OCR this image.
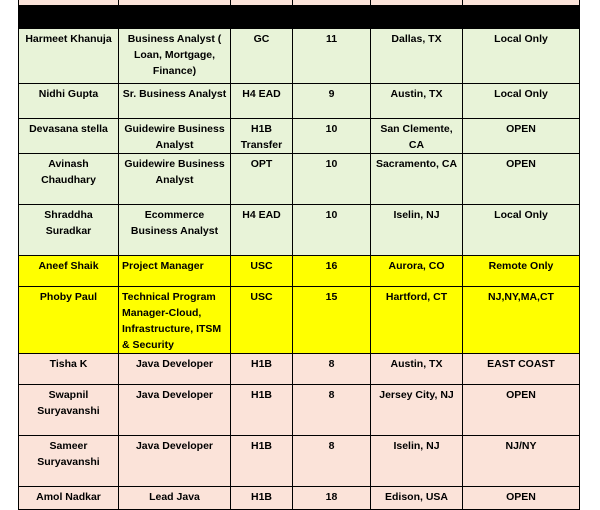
Harmeet Khanuja	Business Analyst ( Loan, Mortgage, Finance)	GC	11	Dallas, TX	Local Only
Nidhi Gupta	Sr. Business Analyst	H4 EAD	9	Austin, TX	Local Only
Devasana stella	Guidewire Business Analyst	H1B Transfer	10	San Clemente, CA	OPEN
Avinash Chaudhary	Guidewire Business Analyst	OPT	10	Sacramento, CA	OPEN
Shraddha Suradkar	Ecommerce Business Analyst	H4 EAD	10	Iselin, NJ	Local Only
Aneef Shaik	Project Manager	USC	16	Aurora, CO	Remote Only
Phoby Paul	Technical Program Manager-Cloud, Infrastructure, ITSM & Security	USC	15	Hartford, CT	NJ,NY,MA,CT
Tisha K	Java Developer	H1B	8	Austin, TX	EAST COAST
Swapnil Suryavanshi	Java Developer	H1B	8	Jersey City, NJ	OPEN
Sameer Suryavanshi	Java Developer	H1B	8	Iselin, NJ	NJ/NY
Amol Nadkar	Lead Java	H1B	18	Edison, USA	OPEN
